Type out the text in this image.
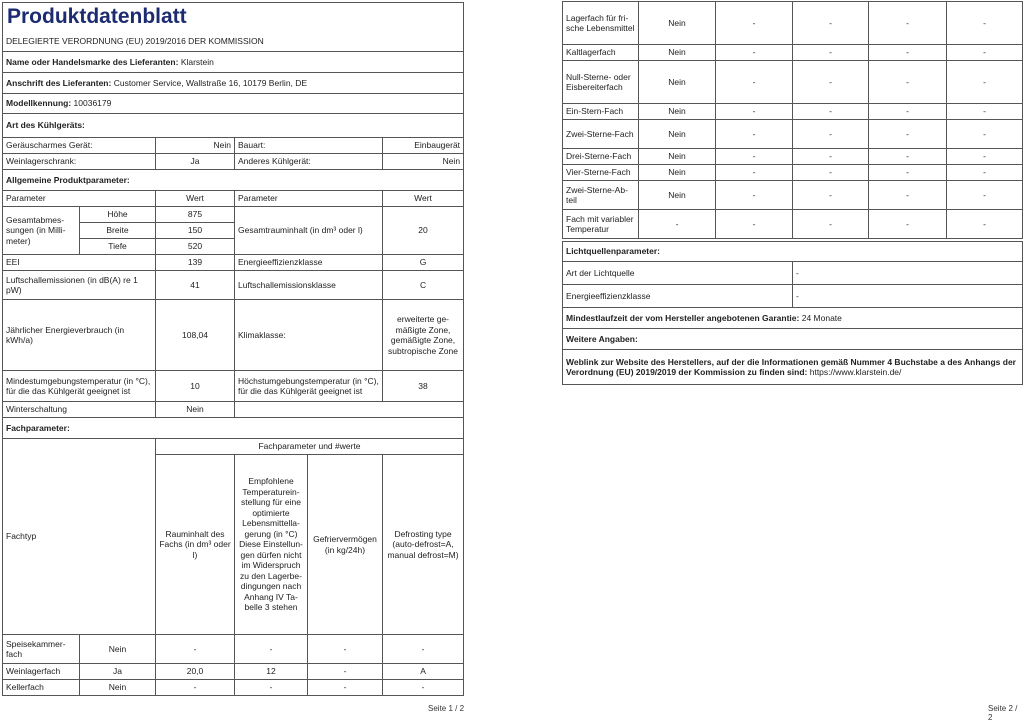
Produktdatenblatt					
DELEGIERTE VERORDNUNG (EU) 2019/2016 DER KOMMISSION					
Name oder Handelsmarke des Lieferanten: Klarstein					
Anschrift des Lieferanten: Customer Service, Wallstraße 16, 10179 Berlin, DE					
Modellkennung: 10036179					
Art des Kühlgeräts:					
Geräuscharmes Gerät:		Nein	Bauart:		Einbaugerät
Weinlagerschrank:		Ja	Anderes Kühlgerät:		Nein
Allgemeine Produktparameter:					
Parameter		Wert	Parameter		Wert
Gesamtabmessungen (in Millimeter)	Höhe	875	Gesamtrauminhalt (in dm³ oder l)		20
	Breite	150			
	Tiefe	520			
EEI		139	Energieeffizienzklasse		G
Luftschallemissionen (in dB(A) re 1 pW)		41	Luftschallemissionsklasse		C
Jährlicher Energieverbrauch (in kWh/a)		108,04	Klimaklasse:		erweiterte gemäßigte Zone, gemäßigte Zone, subtropische Zone
Mindestumgebungstemperatur (in °C), für die das Kühlgerät geeignet ist		10	Höchstumgebungstemperatur (in °C), für die das Kühlgerät geeignet ist		38
Winterschaltung		Nein			
Fachparameter:					
Fachtyp		Fachparameter und #werte			
		Rauminhalt des Fachs (in dm³ oder l)	Empfohlene Temperatureinstellung für eine optimierte Lebensmittellagerung (in °C) Diese Einstellungen dürfen nicht im Widerspruch zu den Lagerbedingungen nach Anhang IV Tabelle 3 stehen	Gefriervermögen (in kg/24h)	Defrosting type (auto-defrost=A, manual defrost=M)
Speisekammerfach	Nein	-	-	-	-
Weinlagerfach	Ja	20,0	12	-	A
Kellerfach	Nein	-	-	-	-
Seite 1 / 2
Lagerfach für frische Lebensmittel	Nein	-	-	-	-
Kaltlagerfach	Nein	-	-	-	-
Null-Sterne- oder Eisbereiterfach	Nein	-	-	-	-
Ein-Stern-Fach	Nein	-	-	-	-
Zwei-Sterne-Fach	Nein	-	-	-	-
Drei-Sterne-Fach	Nein	-	-	-	-
Vier-Sterne-Fach	Nein	-	-	-	-
Zwei-Sterne-Abteil	Nein	-	-	-	-
Fach mit variabler Temperatur	-	-	-	-	-
Lichtquellenparameter:	
Art der Lichtquelle	-
Energieeffizienzklasse	-
Mindestlaufzeit der vom Hersteller angebotenen Garantie: 24 Monate	
Weitere Angaben:	
Weblink zur Website des Herstellers, auf der die Informationen gemäß Nummer 4 Buchstabe a des Anhangs der Verordnung (EU) 2019/2019 der Kommission zu finden sind: https://www.klarstein.de/	
Seite 2 / 2
